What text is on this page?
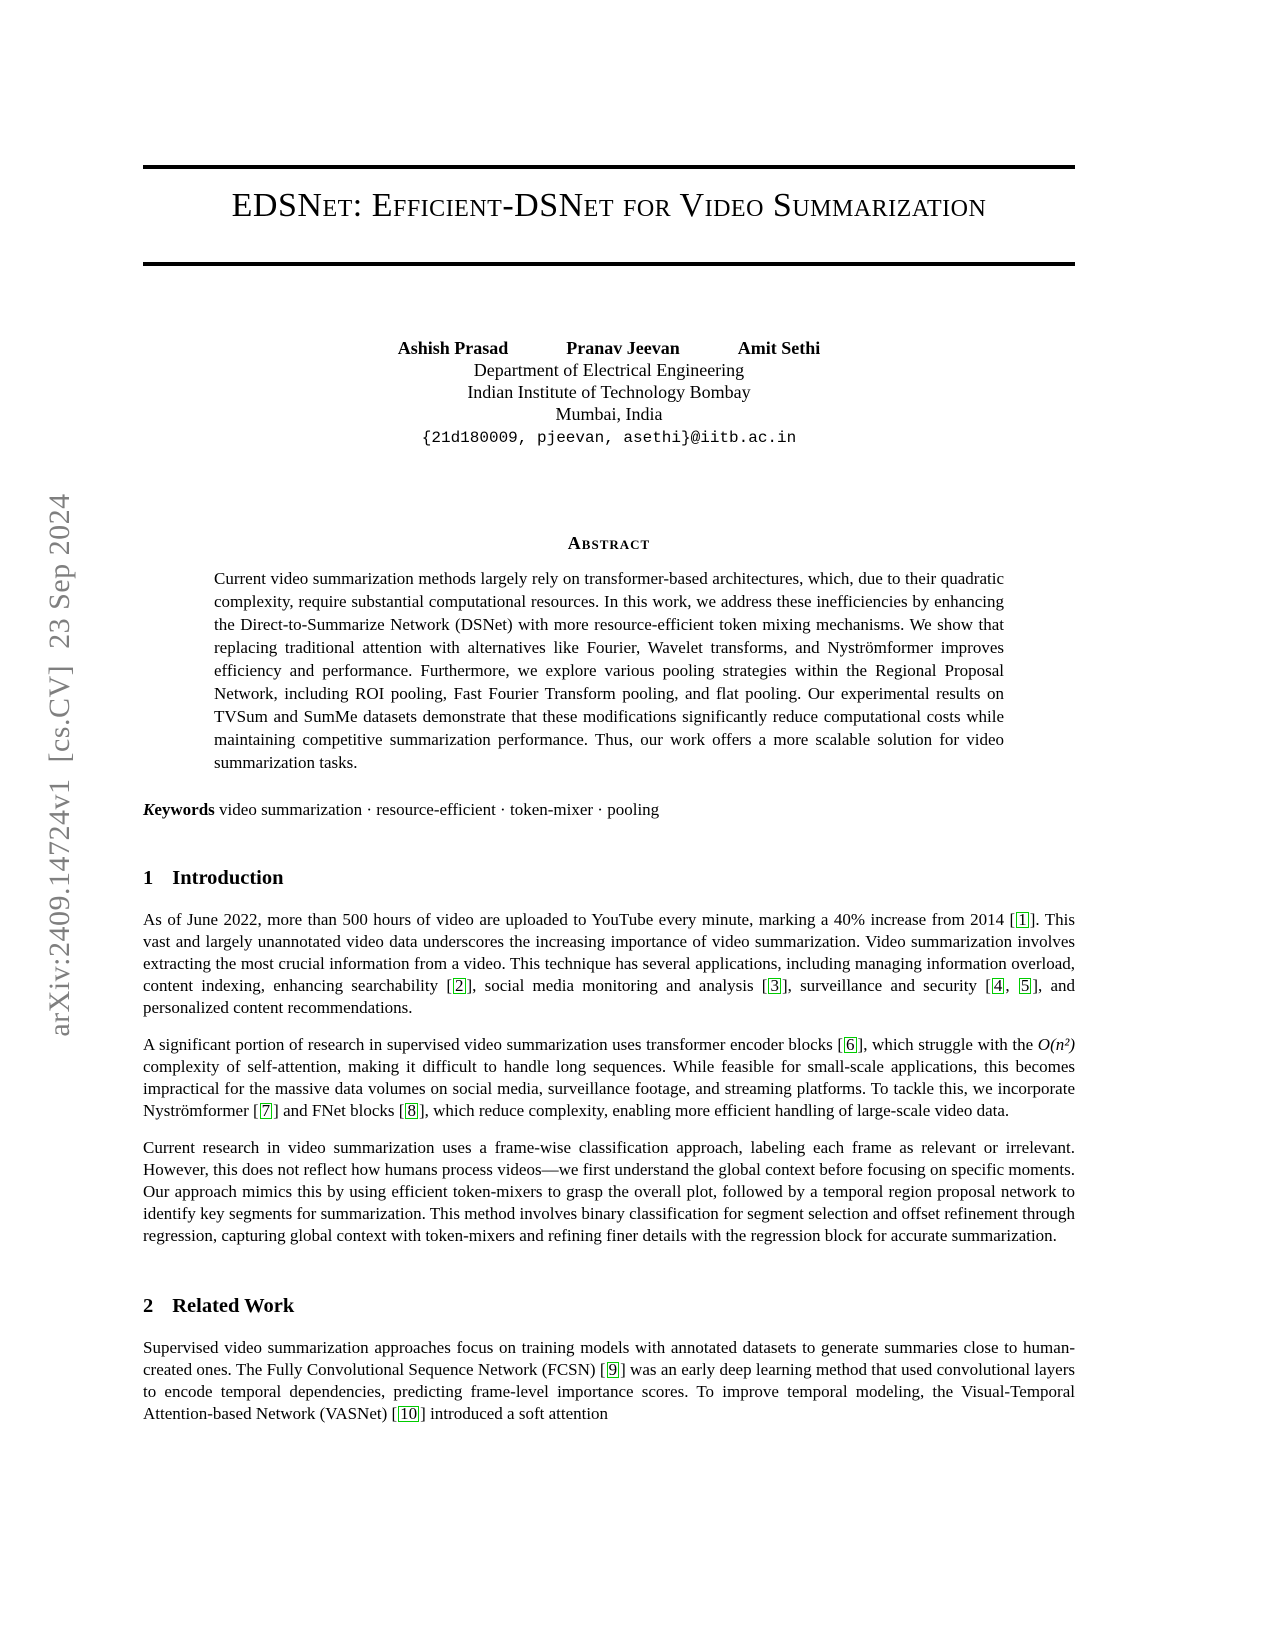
arXiv:2409.14724v1  [cs.CV]  23 Sep 2024
EDSNet: Efficient-DSNet for Video Summarization
Ashish Prasad	Pranav Jeevan	Amit Sethi
Department of Electrical Engineering
Indian Institute of Technology Bombay
Mumbai, India
{21d180009, pjeevan, asethi}@iitb.ac.in
Abstract
Current video summarization methods largely rely on transformer-based architectures, which, due to their quadratic complexity, require substantial computational resources. In this work, we address these inefficiencies by enhancing the Direct-to-Summarize Network (DSNet) with more resource-efficient token mixing mechanisms. We show that replacing traditional attention with alternatives like Fourier, Wavelet transforms, and Nyströmformer improves efficiency and performance. Furthermore, we explore various pooling strategies within the Regional Proposal Network, including ROI pooling, Fast Fourier Transform pooling, and flat pooling. Our experimental results on TVSum and SumMe datasets demonstrate that these modifications significantly reduce computational costs while maintaining competitive summarization performance. Thus, our work offers a more scalable solution for video summarization tasks.
Keywords video summarization · resource-efficient · token-mixer · pooling
1 Introduction
As of June 2022, more than 500 hours of video are uploaded to YouTube every minute, marking a 40% increase from 2014 [ 1 ]. This vast and largely unannotated video data underscores the increasing importance of video summarization. Video summarization involves extracting the most crucial information from a video. This technique has several applications, including managing information overload, content indexing, enhancing searchability [ 2 ], social media monitoring and analysis [ 3 ], surveillance and security [ 4 , 5 ], and personalized content recommendations.
A significant portion of research in supervised video summarization uses transformer encoder blocks [ 6 ], which struggle with the O(n²) complexity of self-attention, making it difficult to handle long sequences. While feasible for small-scale applications, this becomes impractical for the massive data volumes on social media, surveillance footage, and streaming platforms. To tackle this, we incorporate Nyströmformer [ 7 ] and FNet blocks [ 8 ], which reduce complexity, enabling more efficient handling of large-scale video data.
Current research in video summarization uses a frame-wise classification approach, labeling each frame as relevant or irrelevant. However, this does not reflect how humans process videos—we first understand the global context before focusing on specific moments. Our approach mimics this by using efficient token-mixers to grasp the overall plot, followed by a temporal region proposal network to identify key segments for summarization. This method involves binary classification for segment selection and offset refinement through regression, capturing global context with token-mixers and refining finer details with the regression block for accurate summarization.
2 Related Work
Supervised video summarization approaches focus on training models with annotated datasets to generate summaries close to human-created ones. The Fully Convolutional Sequence Network (FCSN) [ 9 ] was an early deep learning method that used convolutional layers to encode temporal dependencies, predicting frame-level importance scores. To improve temporal modeling, the Visual-Temporal Attention-based Network (VASNet) [ 10 ] introduced a soft attention
